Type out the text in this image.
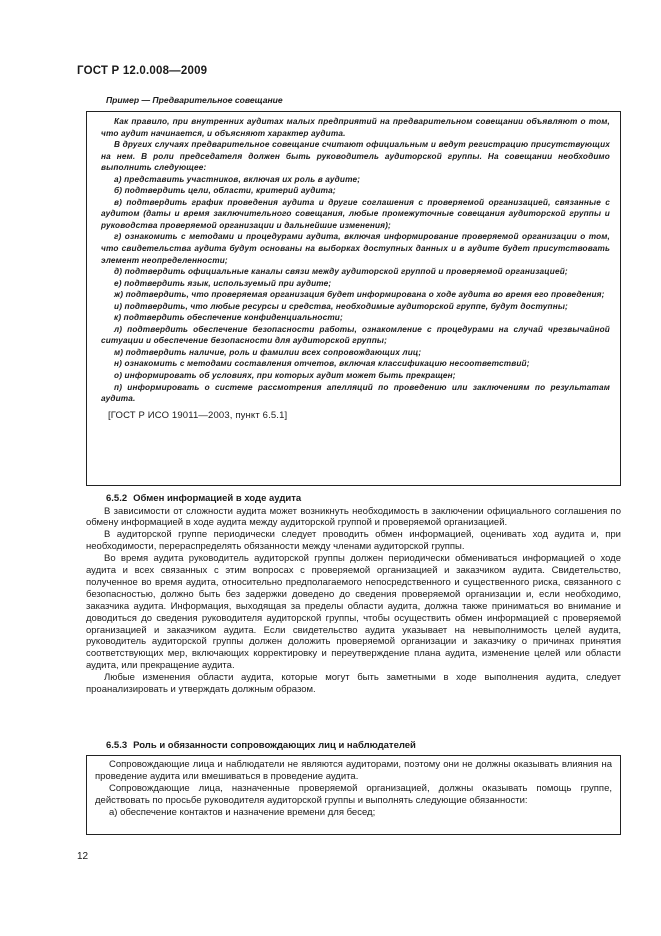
ГОСТ Р 12.0.008—2009
Пример — Предварительное совещание

Как правило, при внутренних аудитах малых предприятий на предварительном совещании объявляют о том, что аудит начинается, и объясняют характер аудита.

В других случаях предварительное совещание считают официальным и ведут регистрацию присутствующих на нем. В роли председателя должен быть руководитель аудиторской группы. На совещании необходимо выполнить следующее:

а) представить участников, включая их роль в аудите;

б) подтвердить цели, области, критерий аудита;

в) подтвердить график проведения аудита и другие соглашения с проверяемой организацией, связанные с аудитом (даты и время заключительного совещания, любые промежуточные совещания аудиторской группы и руководства проверяемой организации и дальнейшие изменения);

г) ознакомить с методами и процедурами аудита, включая информирование проверяемой организации о том, что свидетельства аудита будут основаны на выборках доступных данных и в аудите будет присутствовать элемент неопределенности;

д) подтвердить официальные каналы связи между аудиторской группой и проверяемой организацией;

е) подтвердить язык, используемый при аудите;

ж) подтвердить, что проверяемая организация будет информирована о ходе аудита во время его проведения;

и) подтвердить, что любые ресурсы и средства, необходимые аудиторской группе, будут доступны;

к) подтвердить обеспечение конфиденциальности;

л) подтвердить обеспечение безопасности работы, ознакомление с процедурами на случай чрезвычайной ситуации и обеспечение безопасности для аудиторской группы;

м) подтвердить наличие, роль и фамилии всех сопровождающих лиц;

н) ознакомить с методами составления отчетов, включая классификацию несоответствий;

о) информировать об условиях, при которых аудит может быть прекращен;

п) информировать о системе рассмотрения апелляций по проведению или заключениям по результатам аудита.

[ГОСТ Р ИСО 19011—2003, пункт 6.5.1]

6.5.2 Обмен информацией в ходе аудита

В зависимости от сложности аудита может возникнуть необходимость в заключении официального соглашения по обмену информацией в ходе аудита между аудиторской группой и проверяемой организацией.

В аудиторской группе периодически следует проводить обмен информацией, оценивать ход аудита и, при необходимости, перераспределять обязанности между членами аудиторской группы.

Во время аудита руководитель аудиторской группы должен периодически обмениваться информацией о ходе аудита и всех связанных с этим вопросах с проверяемой организацией и заказчиком аудита. Свидетельство, полученное во время аудита, относительно предполагаемого непосредственного и существенного риска, связанного с безопасностью, должно быть без задержки доведено до сведения проверяемой организации и, если необходимо, заказчика аудита. Информация, выходящая за пределы области аудита, должна также приниматься во внимание и доводиться до сведения руководителя аудиторской группы, чтобы осуществить обмен информацией с проверяемой организацией и заказчиком аудита. Если свидетельство аудита указывает на невыполнимость целей аудита, руководитель аудиторской группы должен доложить проверяемой организации и заказчику о причинах принятия соответствующих мер, включающих корректировку и переутверждение плана аудита, изменение целей или области аудита, или прекращение аудита.

Любые изменения области аудита, которые могут быть заметными в ходе выполнения аудита, следует проанализировать и утверждать должным образом.

6.5.3 Роль и обязанности сопровождающих лиц и наблюдателей

Сопровождающие лица и наблюдатели не являются аудиторами, поэтому они не должны оказывать влияния на проведение аудита или вмешиваться в проведение аудита.

Сопровождающие лица, назначенные проверяемой организацией, должны оказывать помощь группе, действовать по просьбе руководителя аудиторской группы и выполнять следующие обязанности:

а) обеспечение контактов и назначение времени для бесед;

12
